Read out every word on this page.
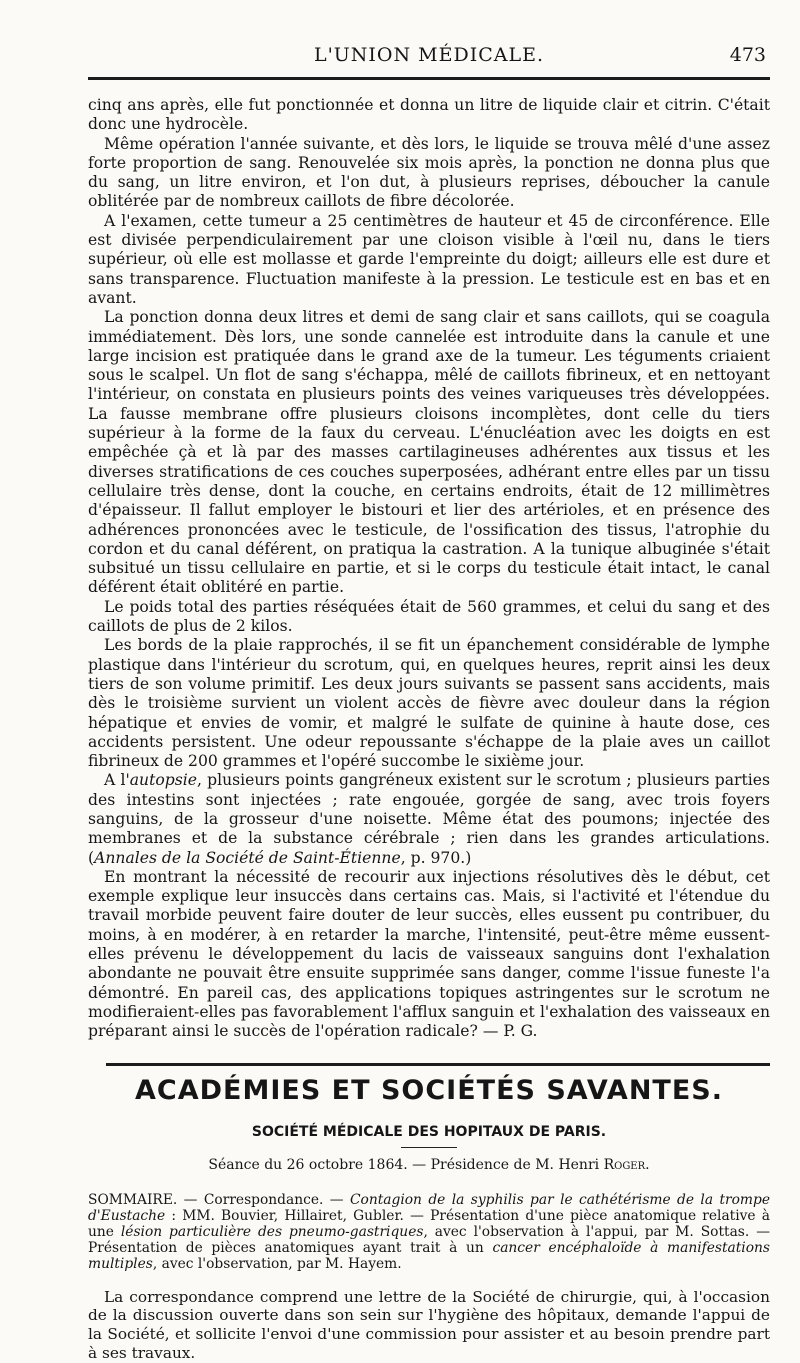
L'UNION MÉDICALE.	473

cinq ans après, elle fut ponctionnée et donna un litre de liquide clair et citrin. C'était donc une hydrocèle.

Même opération l'année suivante, et dès lors, le liquide se trouva mêlé d'une assez forte proportion de sang. Renouvelée six mois après, la ponction ne donna plus que du sang, un litre environ, et l'on dut, à plusieurs reprises, déboucher la canule oblitérée par de nombreux caillots de fibre décolorée.

A l'examen, cette tumeur a 25 centimètres de hauteur et 45 de circonférence. Elle est divisée perpendiculairement par une cloison visible à l'œil nu, dans le tiers supérieur, où elle est mollasse et garde l'empreinte du doigt; ailleurs elle est dure et sans transparence. Fluctuation manifeste à la pression. Le testicule est en bas et en avant.

La ponction donna deux litres et demi de sang clair et sans caillots, qui se coagula immédiatement. Dès lors, une sonde cannelée est introduite dans la canule et une large incision est pratiquée dans le grand axe de la tumeur. Les téguments criaient sous le scalpel. Un flot de sang s'échappa, mêlé de caillots fibrineux, et en nettoyant l'intérieur, on constata en plusieurs points des veines variqueuses très développées. La fausse membrane offre plusieurs cloisons incomplètes, dont celle du tiers supérieur à la forme de la faux du cerveau. L'énucléation avec les doigts en est empêchée çà et là par des masses cartilagineuses adhérentes aux tissus et les diverses stratifications de ces couches superposées, adhérant entre elles par un tissu cellulaire très dense, dont la couche, en certains endroits, était de 12 millimètres d'épaisseur. Il fallut employer le bistouri et lier des artérioles, et en présence des adhérences prononcées avec le testicule, de l'ossification des tissus, l'atrophie du cordon et du canal déférent, on pratiqua la castration. A la tunique albuginée s'était subsitué un tissu cellulaire en partie, et si le corps du testicule était intact, le canal déférent était oblitéré en partie.

Le poids total des parties réséquées était de 560 grammes, et celui du sang et des caillots de plus de 2 kilos.

Les bords de la plaie rapprochés, il se fit un épanchement considérable de lymphe plastique dans l'intérieur du scrotum, qui, en quelques heures, reprit ainsi les deux tiers de son volume primitif. Les deux jours suivants se passent sans accidents, mais dès le troisième survient un violent accès de fièvre avec douleur dans la région hépatique et envies de vomir, et malgré le sulfate de quinine à haute dose, ces accidents persistent. Une odeur repoussante s'échappe de la plaie aves un caillot fibrineux de 200 grammes et l'opéré succombe le sixième jour.

A l'autopsie, plusieurs points gangréneux existent sur le scrotum ; plusieurs parties des intestins sont injectées ; rate engouée, gorgée de sang, avec trois foyers sanguins, de la grosseur d'une noisette. Même état des poumons; injectée des membranes et de la substance cérébrale ; rien dans les grandes articulations. (Annales de la Société de Saint-Étienne, p. 970.)

En montrant la nécessité de recourir aux injections résolutives dès le début, cet exemple explique leur insuccès dans certains cas. Mais, si l'activité et l'étendue du travail morbide peuvent faire douter de leur succès, elles eussent pu contribuer, du moins, à en modérer, à en retarder la marche, l'intensité, peut-être même eussent-elles prévenu le développement du lacis de vaisseaux sanguins dont l'exhalation abondante ne pouvait être ensuite supprimée sans danger, comme l'issue funeste l'a démontré. En pareil cas, des applications topiques astringentes sur le scrotum ne modifieraient-elles pas favorablement l'afflux sanguin et l'exhalation des vaisseaux en préparant ainsi le succès de l'opération radicale? — P. G.

ACADÉMIES ET SOCIÉTÉS SAVANTES.
SOCIÉTÉ MÉDICALE DES HOPITAUX DE PARIS.
Séance du 26 octobre 1864. — Présidence de M. Henri Roger.

SOMMAIRE. — Correspondance. — Contagion de la syphilis par le cathétérisme de la trompe d'Eustache : MM. Bouvier, Hillairet, Gubler. — Présentation d'une pièce anatomique relative à une lésion particulière des pneumo-gastriques, avec l'observation à l'appui, par M. Sottas. — Présentation de pièces anatomiques ayant trait à un cancer encéphaloïde à manifestations multiples, avec l'observation, par M. Hayem.

La correspondance comprend une lettre de la Société de chirurgie, qui, à l'occasion de la discussion ouverte dans son sein sur l'hygiène des hôpitaux, demande l'appui de la Société, et sollicite l'envoi d'une commission pour assister et au besoin prendre part à ses travaux.
